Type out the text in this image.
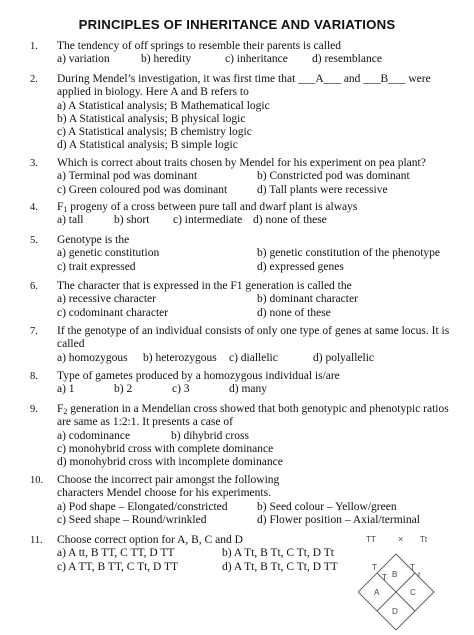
PRINCIPLES OF INHERITANCE AND VARIATIONS
1. The tendency of off springs to resemble their parents is called
a) variation	b) heredity	c) inheritance d) resemblance
2. During Mendel’s investigation, it was first time that ___A___ and ___B___ were
applied in biology. Here A and B refers to
a) A Statistical analysis; B Mathematical logic
b) A Statistical analysis; B physical logic
c) A Statistical analysis; B chemistry logic
d) A Statistical analysis; B simple logic
3. Which is correct about traits chosen by Mendel for his experiment on pea plant?
a) Terminal pod was dominant	b) Constricted pod was dominant
c) Green coloured pod was dominant	d) Tall plants were recessive
4. $F_1$ progeny of a cross between pure tall and dwarf plant is always
a) tall	b) short c) intermediate d) none of these
5. Genotype is the
a) genetic constitution	b) genetic constitution of the phenotype
c) trait expressed	d) expressed genes
6. The character that is expressed in the F1 generation is called the
a) recessive character	b) dominant character
c) codominant character	d) none of these
7. If the genotype of an individual consists of only one type of genes at same locus. It is
called
a) homozygous b) heterozygous c) diallelic	d) polyallelic
8. Type of gametes produced by a homozygous individual is/are
a) 1	b) 2	c) 3	d) many
9. $F_2$ generation in a Mendelian cross showed that both genotypic and phenotypic ratios
are same as 1:2:1. It presents a case of
a) codominance	b) dihybrid cross
c) monohybrid cross with complete dominance
d) monohybrid cross with incomplete dominance
10. Choose the incorrect pair amongst the following
characters Mendel choose for his experiments.
a) Pod shape – Elongated/constricted	b) Seed colour – Yellow/green
c) Seed shape – Round/wrinkled	d) Flower position – Axial/terminal
11. Choose correct option for A, B, C and D
a) A tt, B TT, C TT, D TT	b) A Tt, B Tt, C Tt, D Tt
c) A TT, B TT, C Tt, D TT	d) A Tt, B Tt, C Tt, D TT
TT × Tt
T
T
T
t
A
B
C
D
